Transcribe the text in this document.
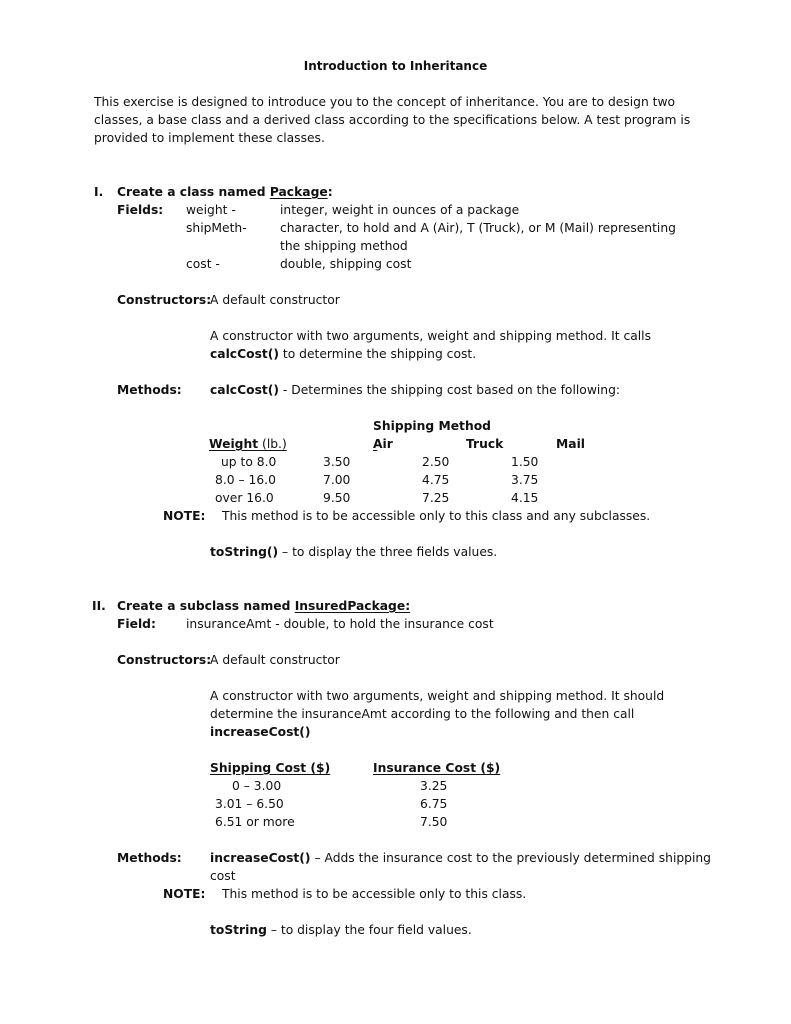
Introduction to Inheritance
This exercise is designed to introduce you to the concept of inheritance. You are to design two
classes, a base class and a derived class according to the specifications below. A test program is
provided to implement these classes.
I. Create a class named Package:
Fields: weight -	integer, weight in ounces of a package
shipMeth-	character, to hold and A (Air), T (Truck), or M (Mail) representing
the shipping method
cost -	double, shipping cost
Constructors:
A default constructor
A constructor with two arguments, weight and shipping method. It calls
calcCost() to determine the shipping cost.
Methods: calcCost() - Determines the shipping cost based on the following:
Shipping Method
Weight (lb.)	Air	Truck	Mail

up to 8.0	3.50	2.50	1.50
8.0 – 16.0	7.00	4.75	3.75
over 16.0	9.50	7.25	4.15
NOTE: This method is to be accessible only to this class and any subclasses.
toString() – to display the three fields values.
II. Create a subclass named InsuredPackage:
Field: insuranceAmt - double, to hold the insurance cost
Constructors:
A default constructor
A constructor with two arguments, weight and shipping method. It should
determine the insuranceAmt according to the following and then call
increaseCost()
Shipping Cost ($)	Insurance Cost ($)
0 – 3.00	3.25
3.01 – 6.50	6.75
6.51 or more	7.50
Methods: increaseCost() – Adds the insurance cost to the previously determined shipping
cost
NOTE: This method is to be accessible only to this class.
toString – to display the four field values.
